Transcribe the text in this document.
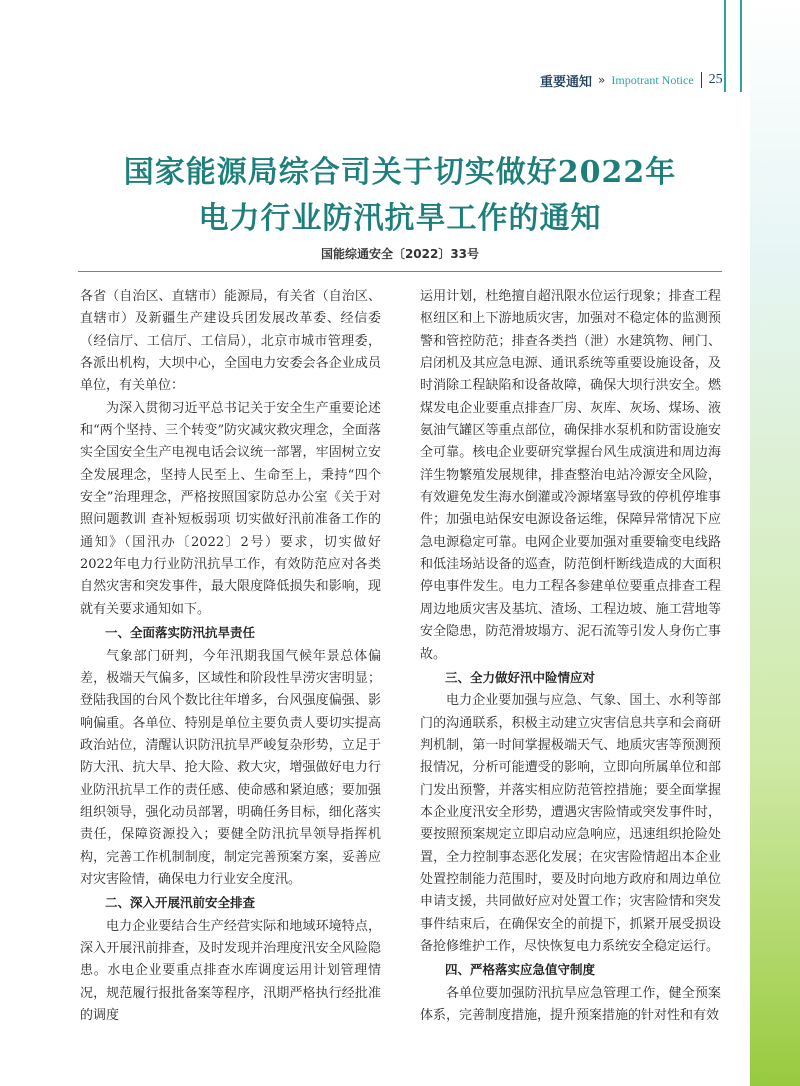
重要通知 » Impotrant Notice 25
国家能源局综合司关于切实做好2022年
电力行业防汛抗旱工作的通知
国能综通安全〔2022〕33号

各省（自治区、直辖市）能源局，有关省（自治区、直辖市）及新疆生产建设兵团发展改革委、经信委（经信厅、工信厅、工信局），北京市城市管理委，各派出机构，大坝中心，全国电力安委会各企业成员单位，有关单位：

为深入贯彻习近平总书记关于安全生产重要论述和“两个坚持、三个转变”防灾减灾救灾理念，全面落实全国安全生产电视电话会议统一部署，牢固树立安全发展理念，坚持人民至上、生命至上，秉持“四个安全”治理理念，严格按照国家防总办公室《关于对照问题教训 查补短板弱项 切实做好汛前准备工作的通知》（国汛办〔2022〕2号）要求，切实做好2022年电力行业防汛抗旱工作，有效防范应对各类自然灾害和突发事件，最大限度降低损失和影响，现就有关要求通知如下。

一、全面落实防汛抗旱责任

气象部门研判，今年汛期我国气候年景总体偏差，极端天气偏多，区域性和阶段性旱涝灾害明显；登陆我国的台风个数比往年增多，台风强度偏强、影响偏重。各单位、特别是单位主要负责人要切实提高政治站位，清醒认识防汛抗旱严峻复杂形势，立足于防大汛、抗大旱、抢大险、救大灾，增强做好电力行业防汛抗旱工作的责任感、使命感和紧迫感；要加强组织领导，强化动员部署，明确任务目标，细化落实责任，保障资源投入；要健全防汛抗旱领导指挥机构，完善工作机制制度，制定完善预案方案，妥善应对灾害险情，确保电力行业安全度汛。

二、深入开展汛前安全排查

电力企业要结合生产经营实际和地域环境特点，深入开展汛前排查，及时发现并治理度汛安全风险隐患。水电企业要重点排查水库调度运用计划管理情况，规范履行报批备案等程序，汛期严格执行经批准的调度

运用计划，杜绝擅自超汛限水位运行现象；排查工程枢纽区和上下游地质灾害，加强对不稳定体的监测预警和管控防范；排查各类挡（泄）水建筑物、闸门、启闭机及其应急电源、通讯系统等重要设施设备，及时消除工程缺陷和设备故障，确保大坝行洪安全。燃煤发电企业要重点排查厂房、灰库、灰场、煤场、液氨油气罐区等重点部位，确保排水泵机和防雷设施安全可靠。核电企业要研究掌握台风生成演进和周边海洋生物繁殖发展规律，排查整治电站冷源安全风险，有效避免发生海水倒灌或冷源堵塞导致的停机停堆事件；加强电站保安电源设备运维，保障异常情况下应急电源稳定可靠。电网企业要加强对重要输变电线路和低洼场站设备的巡查，防范倒杆断线造成的大面积停电事件发生。电力工程各参建单位要重点排查工程周边地质灾害及基坑、渣场、工程边坡、施工营地等安全隐患，防范滑坡塌方、泥石流等引发人身伤亡事故。

三、全力做好汛中险情应对

电力企业要加强与应急、气象、国土、水利等部门的沟通联系，积极主动建立灾害信息共享和会商研判机制，第一时间掌握极端天气、地质灾害等预测预报情况，分析可能遭受的影响，立即向所属单位和部门发出预警，并落实相应防范管控措施；要全面掌握本企业度汛安全形势，遭遇灾害险情或突发事件时，要按照预案规定立即启动应急响应，迅速组织抢险处置，全力控制事态恶化发展；在灾害险情超出本企业处置控制能力范围时，要及时向地方政府和周边单位申请支援，共同做好应对处置工作；灾害险情和突发事件结束后，在确保安全的前提下，抓紧开展受损设备抢修维护工作，尽快恢复电力系统安全稳定运行。

四、严格落实应急值守制度

各单位要加强防汛抗旱应急管理工作，健全预案体系，完善制度措施，提升预案措施的针对性和有效
